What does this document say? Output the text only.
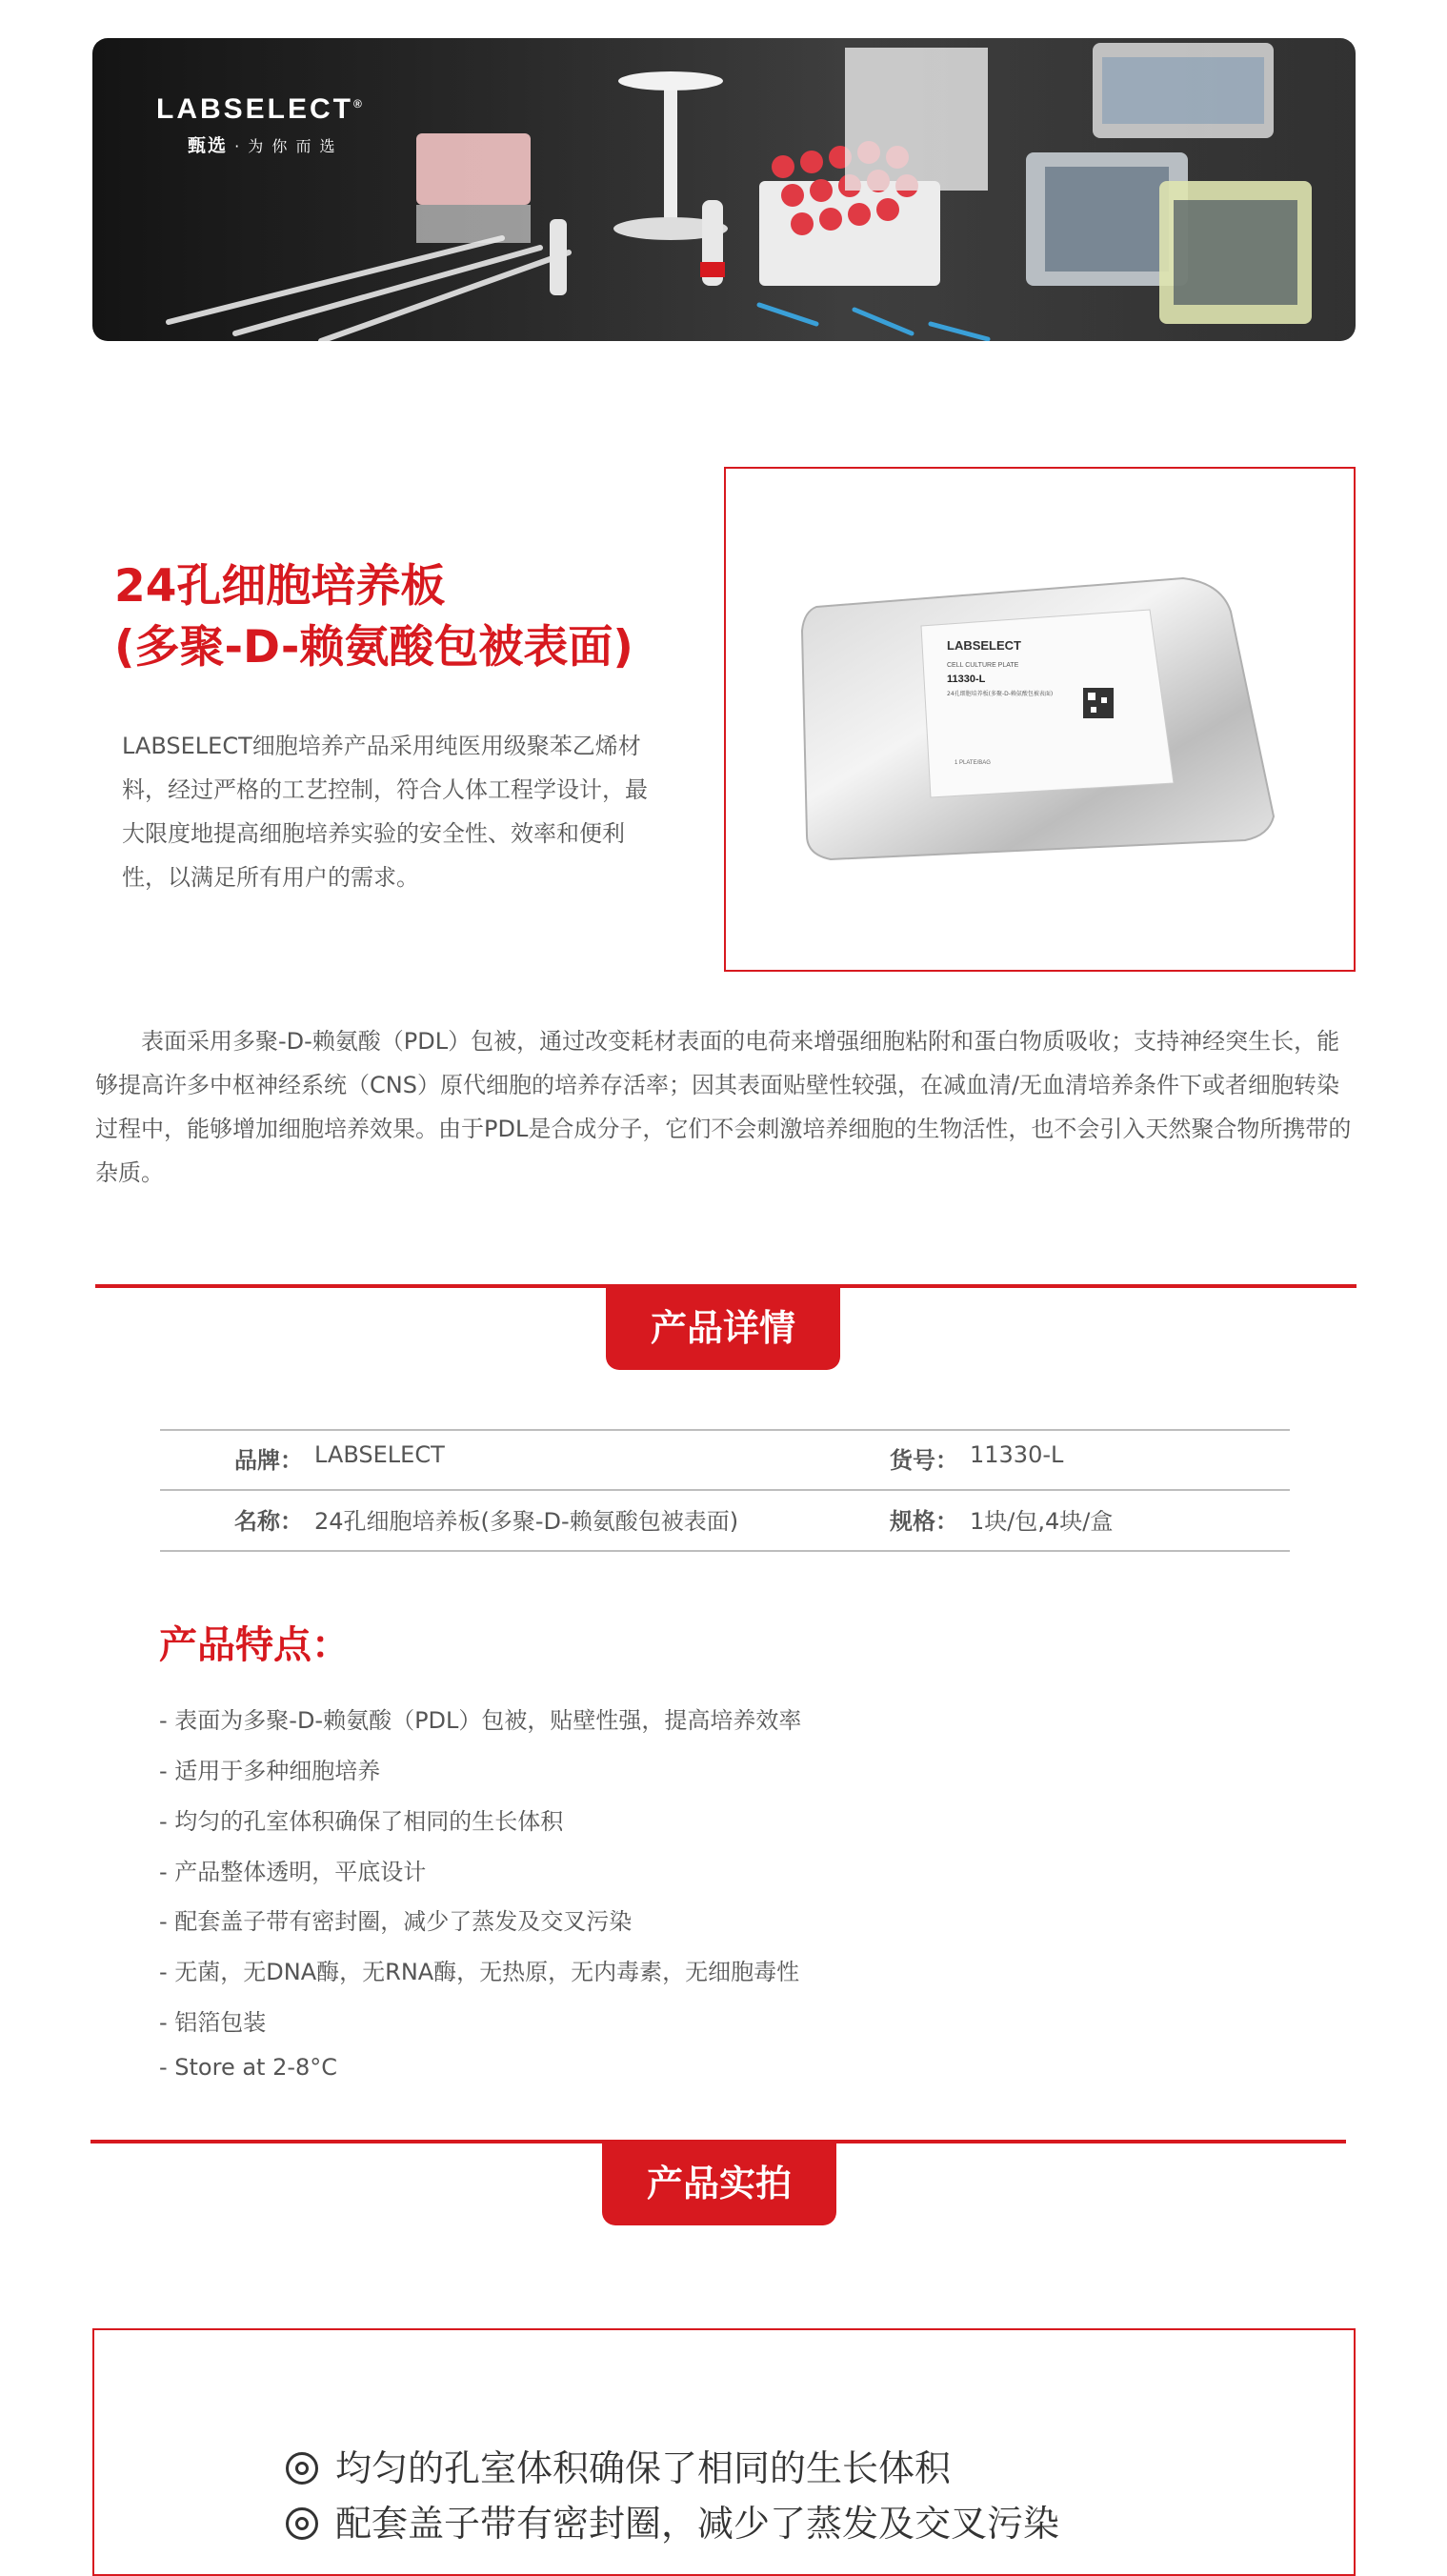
LABSELECT®
甄选 · 为 你 而 选
24孔细胞培养板
(多聚-D-赖氨酸包被表面)
LABSELECT细胞培养产品采用纯医用级聚苯乙烯材料，经过严格的工艺控制，符合人体工程学设计，最大限度地提高细胞培养实验的安全性、效率和便利性，以满足所有用户的需求。
LABSELECT
CELL CULTURE PLATE
11330-L
24孔细胞培养板(多聚-D-赖氨酸包被表面)
1 PLATE/BAG
表面采用多聚-D-赖氨酸（PDL）包被，通过改变耗材表面的电荷来增强细胞粘附和蛋白物质吸收；支持神经突生长，能够提高许多中枢神经系统（CNS）原代细胞的培养存活率；因其表面贴壁性较强，在减血清/无血清培养条件下或者细胞转染过程中，能够增加细胞培养效果。由于PDL是合成分子，它们不会刺激培养细胞的生物活性，也不会引入天然聚合物所携带的杂质。
产品详情
品牌： LABSELECT	货号： 11330-L
名称： 24孔细胞培养板(多聚-D-赖氨酸包被表面)	规格： 1块/包,4块/盒
产品特点：
- 表面为多聚-D-赖氨酸（PDL）包被，贴壁性强，提高培养效率
- 适用于多种细胞培养
- 均匀的孔室体积确保了相同的生长体积
- 产品整体透明，平底设计
- 配套盖子带有密封圈，减少了蒸发及交叉污染
- 无菌，无DNA酶，无RNA酶，无热原，无内毒素，无细胞毒性
- 铝箔包装
- Store at 2-8°C
产品实拍
均匀的孔室体积确保了相同的生长体积
配套盖子带有密封圈，减少了蒸发及交叉污染
